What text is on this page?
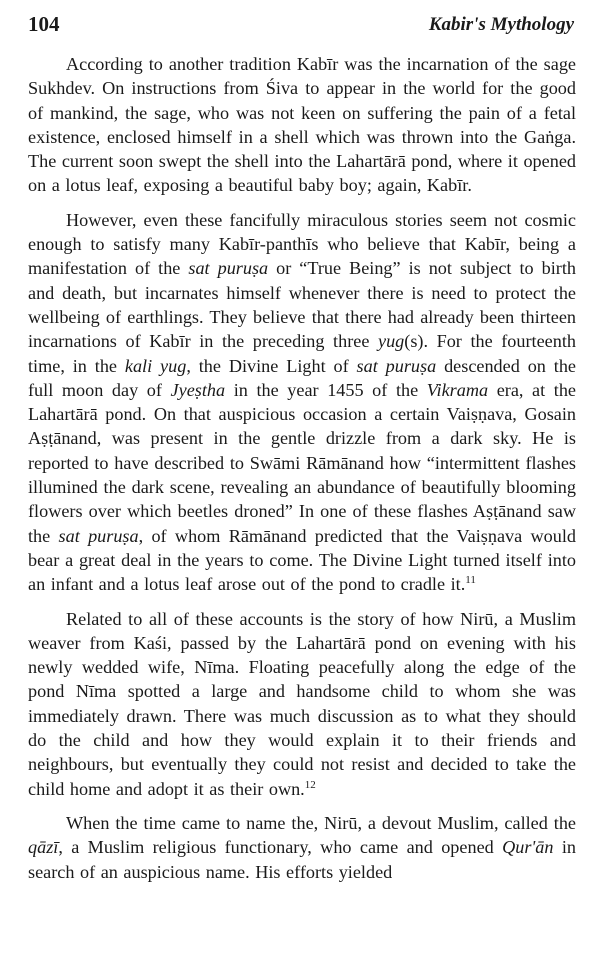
104	Kabir's Mythology

According to another tradition Kabīr was the incarnation of the sage Sukhdev. On instructions from Śiva to appear in the world for the good of mankind, the sage, who was not keen on suffering the pain of a fetal existence, enclosed himself in a shell which was thrown into the Gaṅga. The current soon swept the shell into the Lahartārā pond, where it opened on a lotus leaf, exposing a beautiful baby boy; again, Kabīr.

However, even these fancifully miraculous stories seem not cosmic enough to satisfy many Kabīr-panthīs who believe that Kabīr, being a manifestation of the sat puruṣa or “True Being” is not subject to birth and death, but incarnates himself whenever there is need to protect the wellbeing of earthlings. They believe that there had already been thirteen incarnations of Kabīr in the preceding three yug(s). For the fourteenth time, in the kali yug, the Divine Light of sat puruṣa descended on the full moon day of Jyeṣtha in the year 1455 of the Vikrama era, at the Lahartārā pond. On that auspicious occasion a certain Vaiṣṇava, Gosain Aṣṭānand, was present in the gentle drizzle from a dark sky. He is reported to have described to Swāmi Rāmānand how “intermittent flashes illumined the dark scene, revealing an abundance of beautifully blooming flowers over which beetles droned” In one of these flashes Aṣṭānand saw the sat puruṣa, of whom Rāmānand predicted that the Vaiṣṇava would bear a great deal in the years to come. The Divine Light turned itself into an infant and a lotus leaf arose out of the pond to cradle it.$^{11}$

Related to all of these accounts is the story of how Nirū, a Muslim weaver from Kaśi, passed by the Lahartārā pond on evening with his newly wedded wife, Nīma. Floating peacefully along the edge of the pond Nīma spotted a large and handsome child to whom she was immediately drawn. There was much discussion as to what they should do the child and how they would explain it to their friends and neighbours, but eventually they could not resist and decided to take the child home and adopt it as their own.$^{12}$

When the time came to name the, Nirū, a devout Muslim, called the qāzī, a Muslim religious functionary, who came and opened Qur'ān in search of an auspicious name. His efforts yielded
